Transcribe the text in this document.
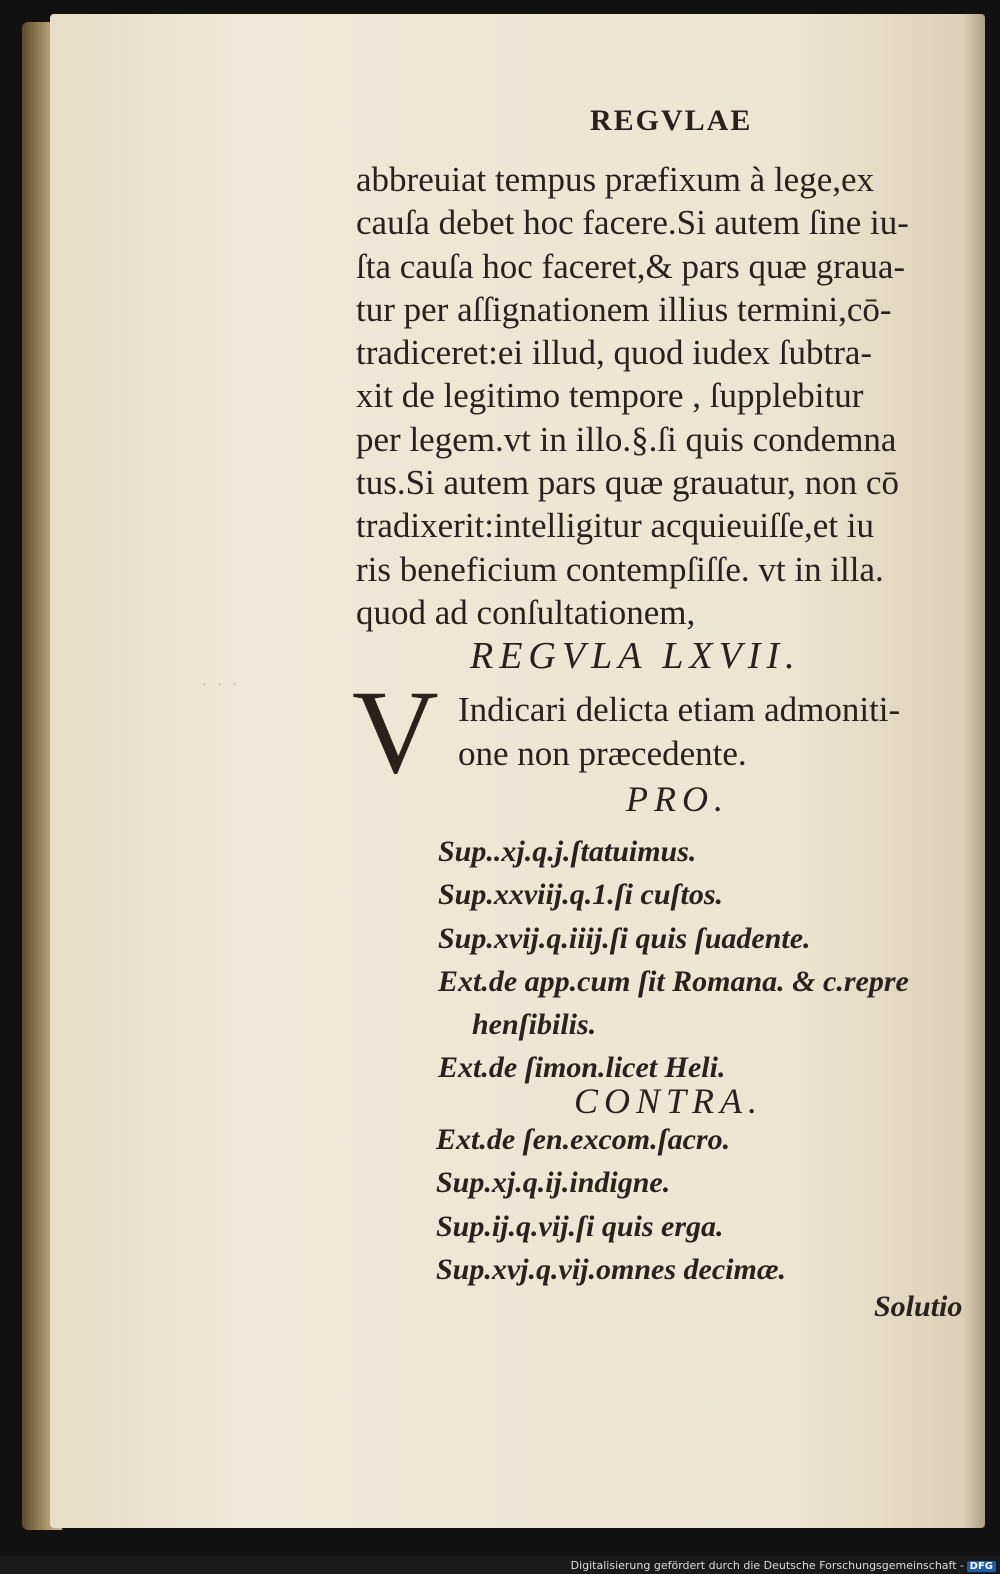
· · ·
REGVLAE
abbreuiat tempus præfixum à lege,ex
cauſa debet hoc facere.Si autem ſine iu-
ſta cauſa hoc faceret,& pars quæ graua-
tur per aſſignationem illius termini,cō-
tradiceret:ei illud, quod iudex ſubtra-
xit de legitimo tempore , ſupplebitur
per legem.vt in illo.§.ſi quis condemna
tus.Si autem pars quæ grauatur, non cō
tradixerit:intelligitur acquieuiſſe,et iu
ris beneficium contempſiſſe. vt in illa.
quod ad conſultationem,
REGVLA LXVII.
V Indicari delicta etiam admoniti-
one non præcedente.
PRO.
Sup..xj.q.j.ſtatuimus.
Sup.xxviij.q.1.ſi cuſtos.
Sup.xvij.q.iiij.ſi quis ſuadente.
Ext.de app.cum ſit Romana. & c.repre
henſibilis.
Ext.de ſimon.licet Heli.
CONTRA.
Ext.de ſen.excom.ſacro.
Sup.xj.q.ij.indigne.
Sup.ij.q.vij.ſi quis erga.
Sup.xvj.q.vij.omnes decimæ.
Solutio
Digitalisierung gefördert durch die Deutsche Forschungsgemeinschaft - DFG
